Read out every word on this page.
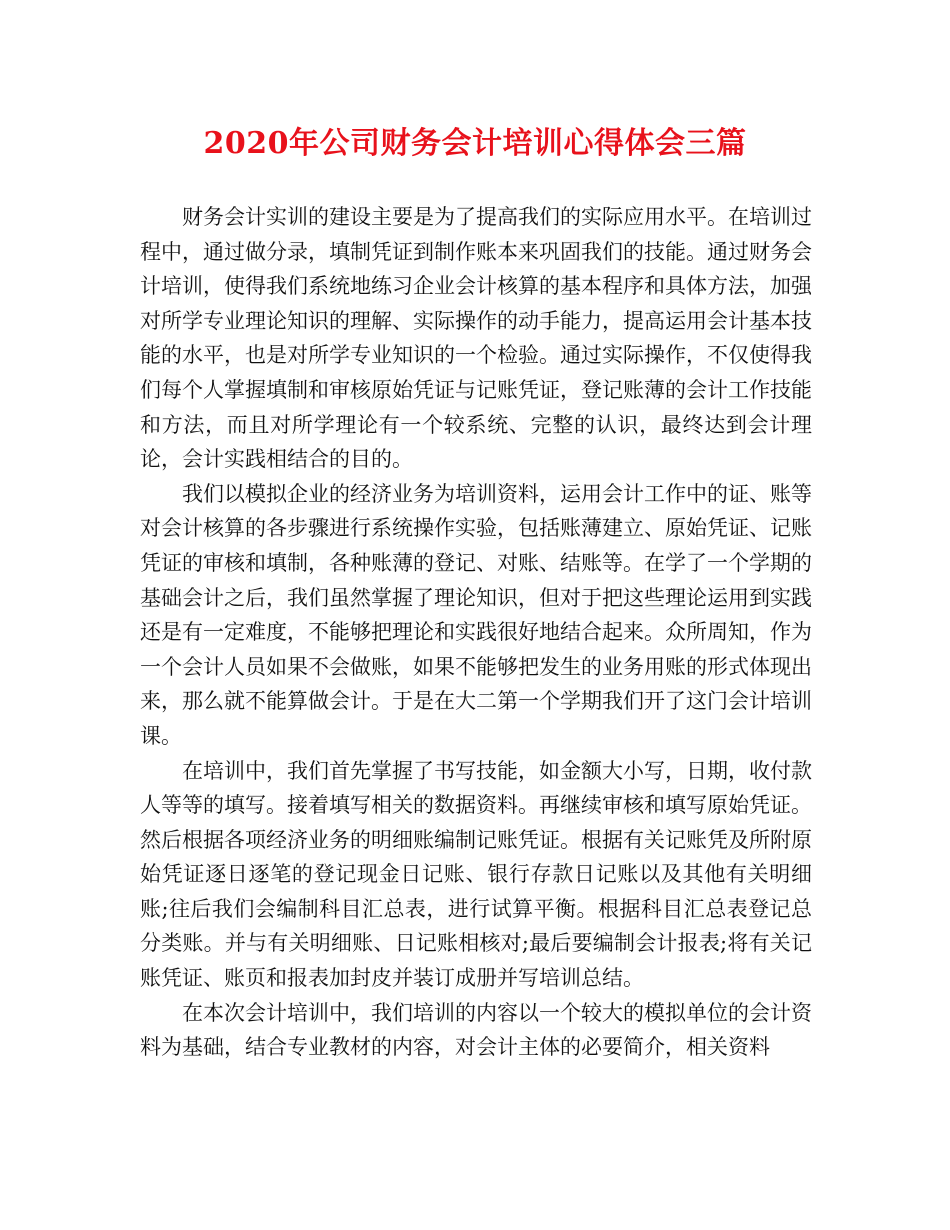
2020年公司财务会计培训心得体会三篇

财务会计实训的建设主要是为了提高我们的实际应用水平。在培训过程中，通过做分录，填制凭证到制作账本来巩固我们的技能。通过财务会计培训，使得我们系统地练习企业会计核算的基本程序和具体方法，加强对所学专业理论知识的理解、实际操作的动手能力，提高运用会计基本技能的水平，也是对所学专业知识的一个检验。通过实际操作，不仅使得我们每个人掌握填制和审核原始凭证与记账凭证，登记账薄的会计工作技能和方法，而且对所学理论有一个较系统、完整的认识，最终达到会计理论，会计实践相结合的目的。

我们以模拟企业的经济业务为培训资料，运用会计工作中的证、账等对会计核算的各步骤进行系统操作实验，包括账薄建立、原始凭证、记账凭证的审核和填制，各种账薄的登记、对账、结账等。在学了一个学期的基础会计之后，我们虽然掌握了理论知识，但对于把这些理论运用到实践还是有一定难度，不能够把理论和实践很好地结合起来。众所周知，作为一个会计人员如果不会做账，如果不能够把发生的业务用账的形式体现出来，那么就不能算做会计。于是在大二第一个学期我们开了这门会计培训课。

在培训中，我们首先掌握了书写技能，如金额大小写，日期，收付款人等等的填写。接着填写相关的数据资料。再继续审核和填写原始凭证。然后根据各项经济业务的明细账编制记账凭证。根据有关记账凭及所附原始凭证逐日逐笔的登记现金日记账、银行存款日记账以及其他有关明细账;往后我们会编制科目汇总表，进行试算平衡。根据科目汇总表登记总分类账。并与有关明细账、日记账相核对;最后要编制会计报表;将有关记账凭证、账页和报表加封皮并装订成册并写培训总结。

在本次会计培训中，我们培训的内容以一个较大的模拟单位的会计资料为基础，结合专业教材的内容，对会计主体的必要简介，相关资料
